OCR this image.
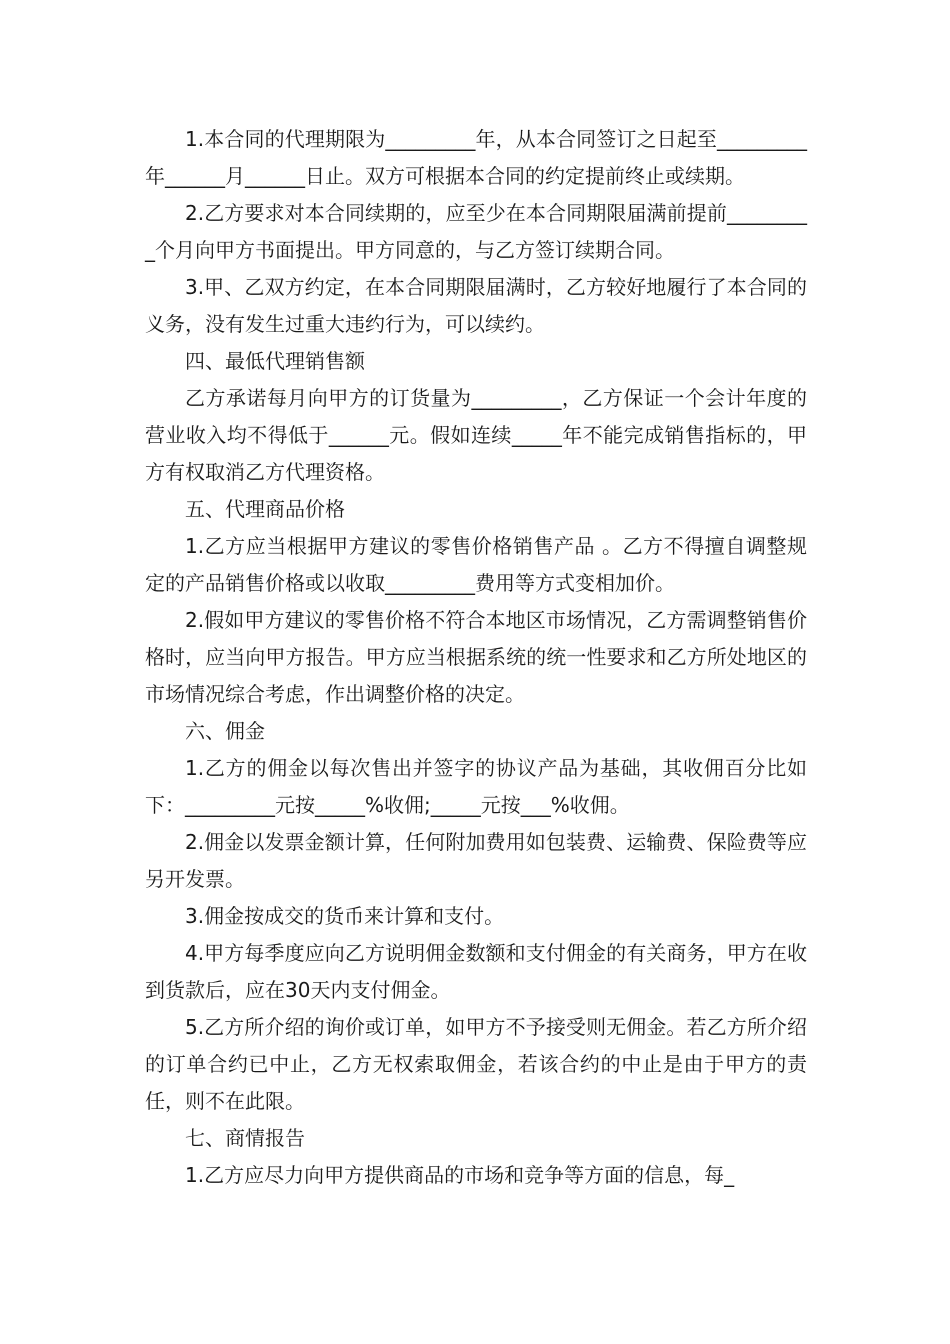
1.本合同的代理期限为_________年，从本合同签订之日起至_________年______月______日止。双方可根据本合同的约定提前终止或续期。

2.乙方要求对本合同续期的，应至少在本合同期限届满前提前_________个月向甲方书面提出。甲方同意的，与乙方签订续期合同。

3.甲、乙双方约定，在本合同期限届满时，乙方较好地履行了本合同的义务，没有发生过重大违约行为，可以续约。

四、最低代理销售额

乙方承诺每月向甲方的订货量为_________，乙方保证一个会计年度的营业收入均不得低于______元。假如连续_____年不能完成销售指标的，甲方有权取消乙方代理资格。

五、代理商品价格

1.乙方应当根据甲方建议的零售价格销售产品 。乙方不得擅自调整规定的产品销售价格或以收取_________费用等方式变相加价。

2.假如甲方建议的零售价格不符合本地区市场情况，乙方需调整销售价格时，应当向甲方报告。甲方应当根据系统的统一性要求和乙方所处地区的市场情况综合考虑，作出调整价格的决定。

六、佣金

1.乙方的佣金以每次售出并签字的协议产品为基础，其收佣百分比如下：_________元按_____%收佣;_____元按___%收佣。

2.佣金以发票金额计算，任何附加费用如包装费、运输费、保险费等应另开发票。

3.佣金按成交的货币来计算和支付。

4.甲方每季度应向乙方说明佣金数额和支付佣金的有关商务，甲方在收到货款后，应在30天内支付佣金。

5.乙方所介绍的询价或订单，如甲方不予接受则无佣金。若乙方所介绍的订单合约已中止，乙方无权索取佣金，若该合约的中止是由于甲方的责任，则不在此限。

七、商情报告

1.乙方应尽力向甲方提供商品的市场和竞争等方面的信息，每_
